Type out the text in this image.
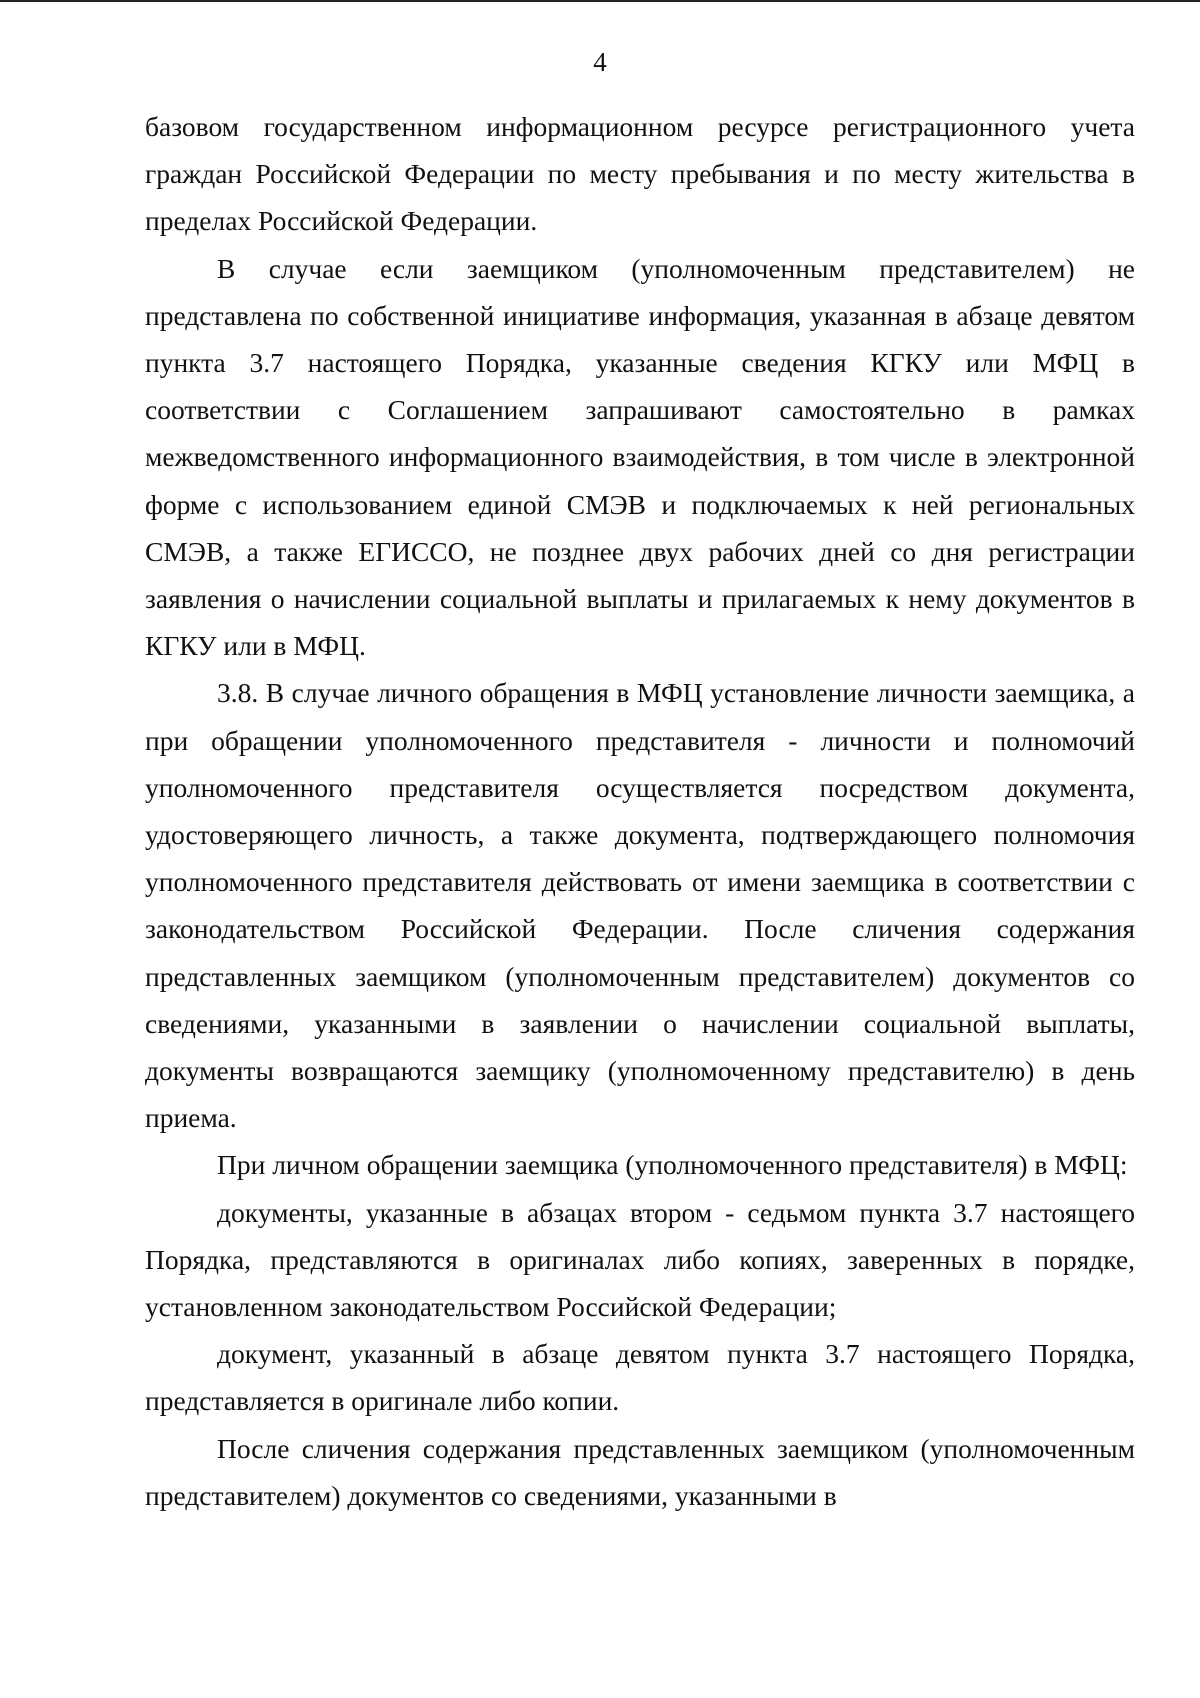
4

базовом государственном информационном ресурсе регистрационного учета граждан Российской Федерации по месту пребывания и по месту жительства в пределах Российской Федерации.

В случае если заемщиком (уполномоченным представителем) не представлена по собственной инициативе информация, указанная в абзаце девятом пункта 3.7 настоящего Порядка, указанные сведения КГКУ или МФЦ в соответствии с Соглашением запрашивают самостоятельно в рамках межведомственного информационного взаимодействия, в том числе в электронной форме с использованием единой СМЭВ и подключаемых к ней региональных СМЭВ, а также ЕГИССО, не позднее двух рабочих дней со дня регистрации заявления о начислении социальной выплаты и прилагаемых к нему документов в КГКУ или в МФЦ.

3.8. В случае личного обращения в МФЦ установление личности заемщика, а при обращении уполномоченного представителя - личности и полномочий уполномоченного представителя осуществляется посредством документа, удостоверяющего личность, а также документа, подтверждающего полномочия уполномоченного представителя действовать от имени заемщика в соответствии с законодательством Российской Федерации. После сличения содержания представленных заемщиком (уполномоченным представителем) документов со сведениями, указанными в заявлении о начислении социальной выплаты, документы возвращаются заемщику (уполномоченному представителю) в день приема.

При личном обращении заемщика (уполномоченного представителя) в МФЦ:

документы, указанные в абзацах втором - седьмом пункта 3.7 настоящего Порядка, представляются в оригиналах либо копиях, заверенных в порядке, установленном законодательством Российской Федерации;

документ, указанный в абзаце девятом пункта 3.7 настоящего Порядка, представляется в оригинале либо копии.

После сличения содержания представленных заемщиком (уполномоченным представителем) документов со сведениями, указанными в
